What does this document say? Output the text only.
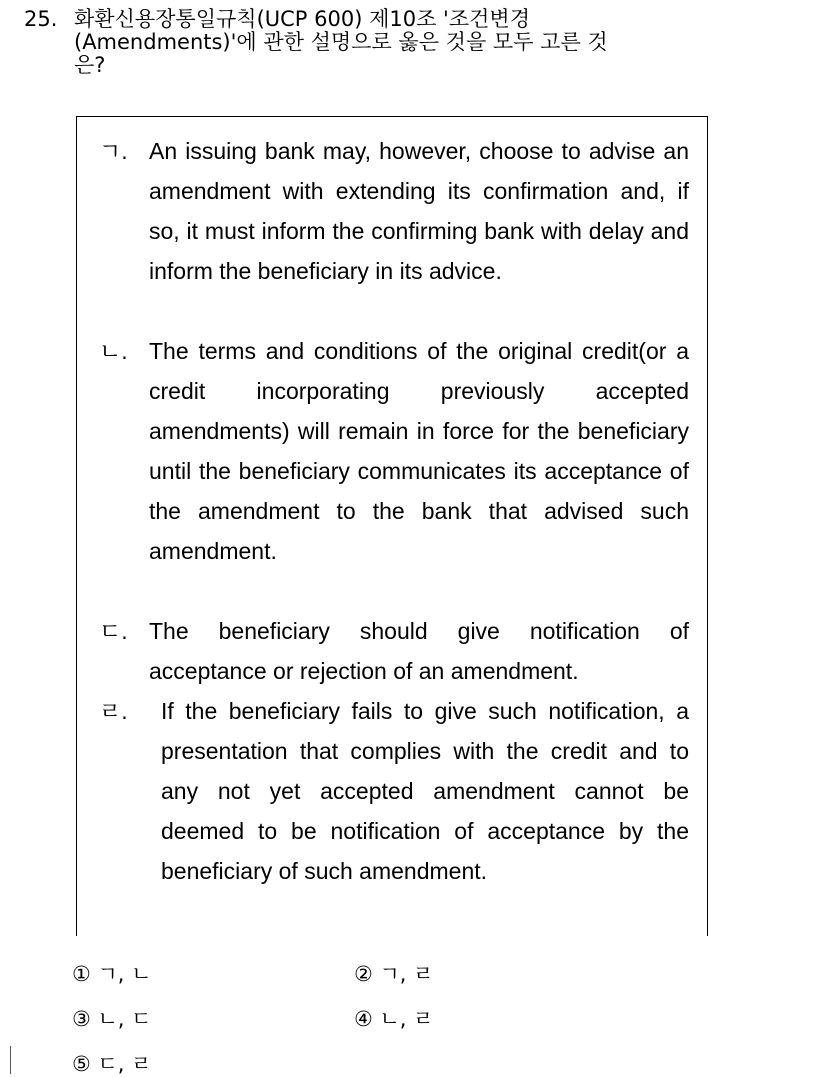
25. 화환신용장통일규칙(UCP 600) 제10조 '조건변경
(Amendments)'에 관한 설명으로 옳은 것을 모두 고른 것
은?
ㄱ. An issuing bank may, however, choose to advise an amendment with extending its confirmation and, if so, it must inform the confirming bank with delay and inform the beneficiary in its advice.
ㄴ. The terms and conditions of the original credit(or a credit incorporating previously accepted amendments) will remain in force for the beneficiary until the beneficiary communicates its acceptance of the amendment to the bank that advised such amendment.
ㄷ. The beneficiary should give notification of acceptance or rejection of an amendment.
ㄹ.	If the beneficiary fails to give such notification, a presentation that complies with the credit and to any not yet accepted amendment cannot be deemed to be notification of acceptance by the beneficiary of such amendment.
① ㄱ, ㄴ	② ㄱ, ㄹ
③ ㄴ, ㄷ	④ ㄴ, ㄹ
⑤ ㄷ, ㄹ
